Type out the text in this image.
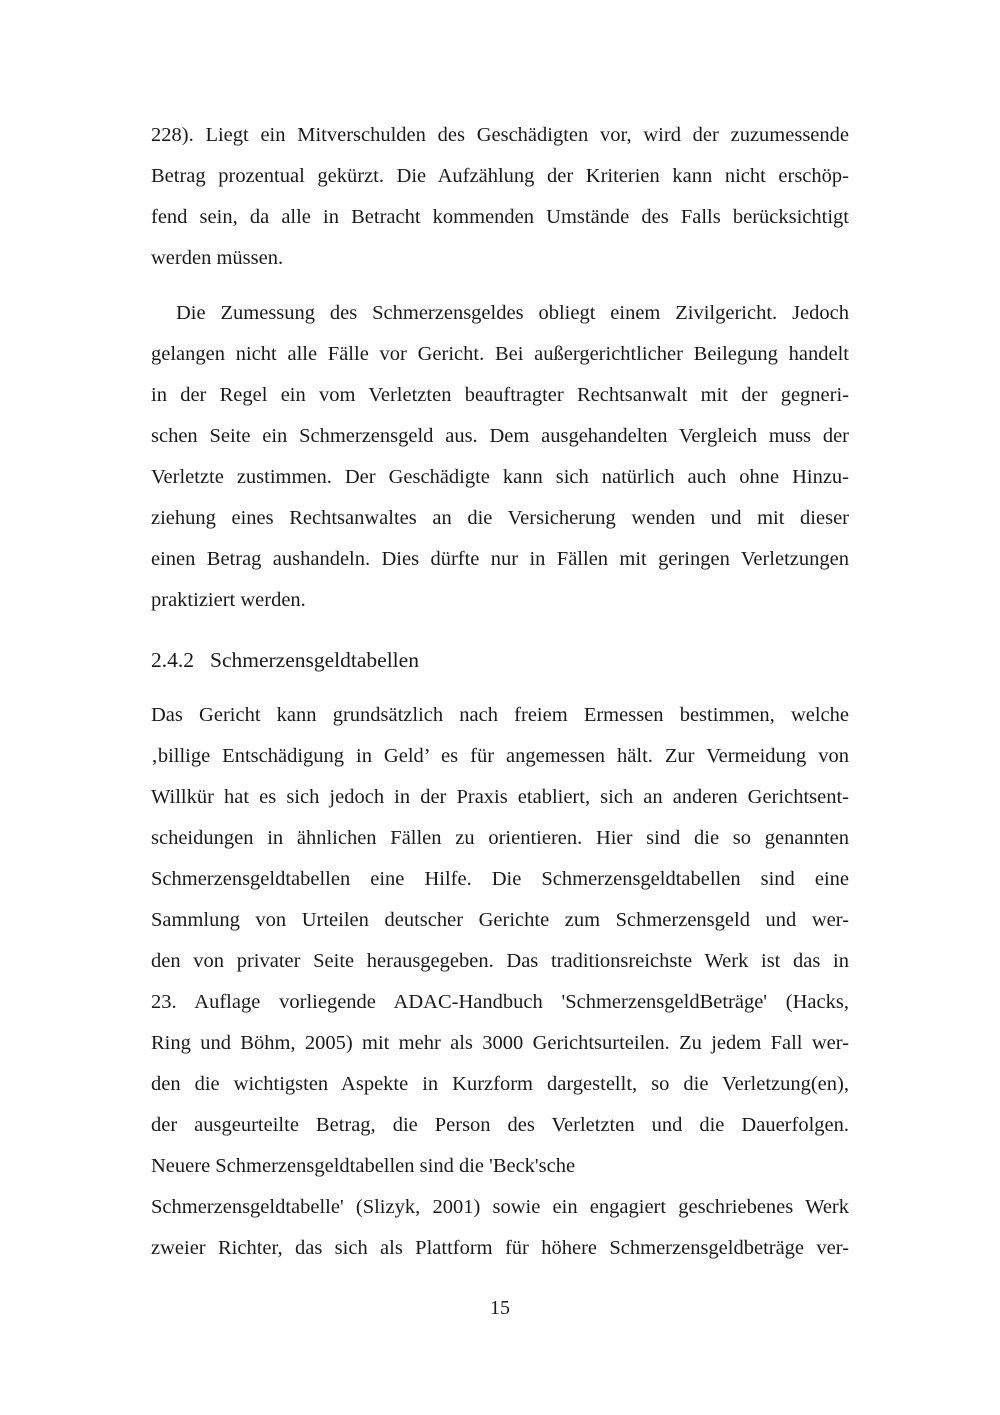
228). Liegt ein Mitverschulden des Geschädigten vor, wird der zuzumessende
Betrag prozentual gekürzt. Die Aufzählung der Kriterien kann nicht erschöp-
fend sein, da alle in Betracht kommenden Umstände des Falls berücksichtigt
werden müssen.
Die Zumessung des Schmerzensgeldes obliegt einem Zivilgericht. Jedoch
gelangen nicht alle Fälle vor Gericht. Bei außergerichtlicher Beilegung handelt
in der Regel ein vom Verletzten beauftragter Rechtsanwalt mit der gegneri-
schen Seite ein Schmerzensgeld aus. Dem ausgehandelten Vergleich muss der
Verletzte zustimmen. Der Geschädigte kann sich natürlich auch ohne Hinzu-
ziehung eines Rechtsanwaltes an die Versicherung wenden und mit dieser
einen Betrag aushandeln. Dies dürfte nur in Fällen mit geringen Verletzungen
praktiziert werden.
2.4.2 Schmerzensgeldtabellen
Das Gericht kann grundsätzlich nach freiem Ermessen bestimmen, welche
‚billige Entschädigung in Geld’ es für angemessen hält. Zur Vermeidung von
Willkür hat es sich jedoch in der Praxis etabliert, sich an anderen Gerichtsent-
scheidungen in ähnlichen Fällen zu orientieren. Hier sind die so genannten
Schmerzensgeldtabellen eine Hilfe. Die Schmerzensgeldtabellen sind eine
Sammlung von Urteilen deutscher Gerichte zum Schmerzensgeld und wer-
den von privater Seite herausgegeben. Das traditionsreichste Werk ist das in
23. Auflage vorliegende ADAC-Handbuch 'SchmerzensgeldBeträge' (Hacks,
Ring und Böhm, 2005) mit mehr als 3000 Gerichtsurteilen. Zu jedem Fall wer-
den die wichtigsten Aspekte in Kurzform dargestellt, so die Verletzung(en),
der ausgeurteilte Betrag, die Person des Verletzten und die Dauerfolgen.
Neuere Schmerzensgeldtabellen sind die 'Beck'sche
Schmerzensgeldtabelle' (Slizyk, 2001) sowie ein engagiert geschriebenes Werk
zweier Richter, das sich als Plattform für höhere Schmerzensgeldbeträge ver-
15
